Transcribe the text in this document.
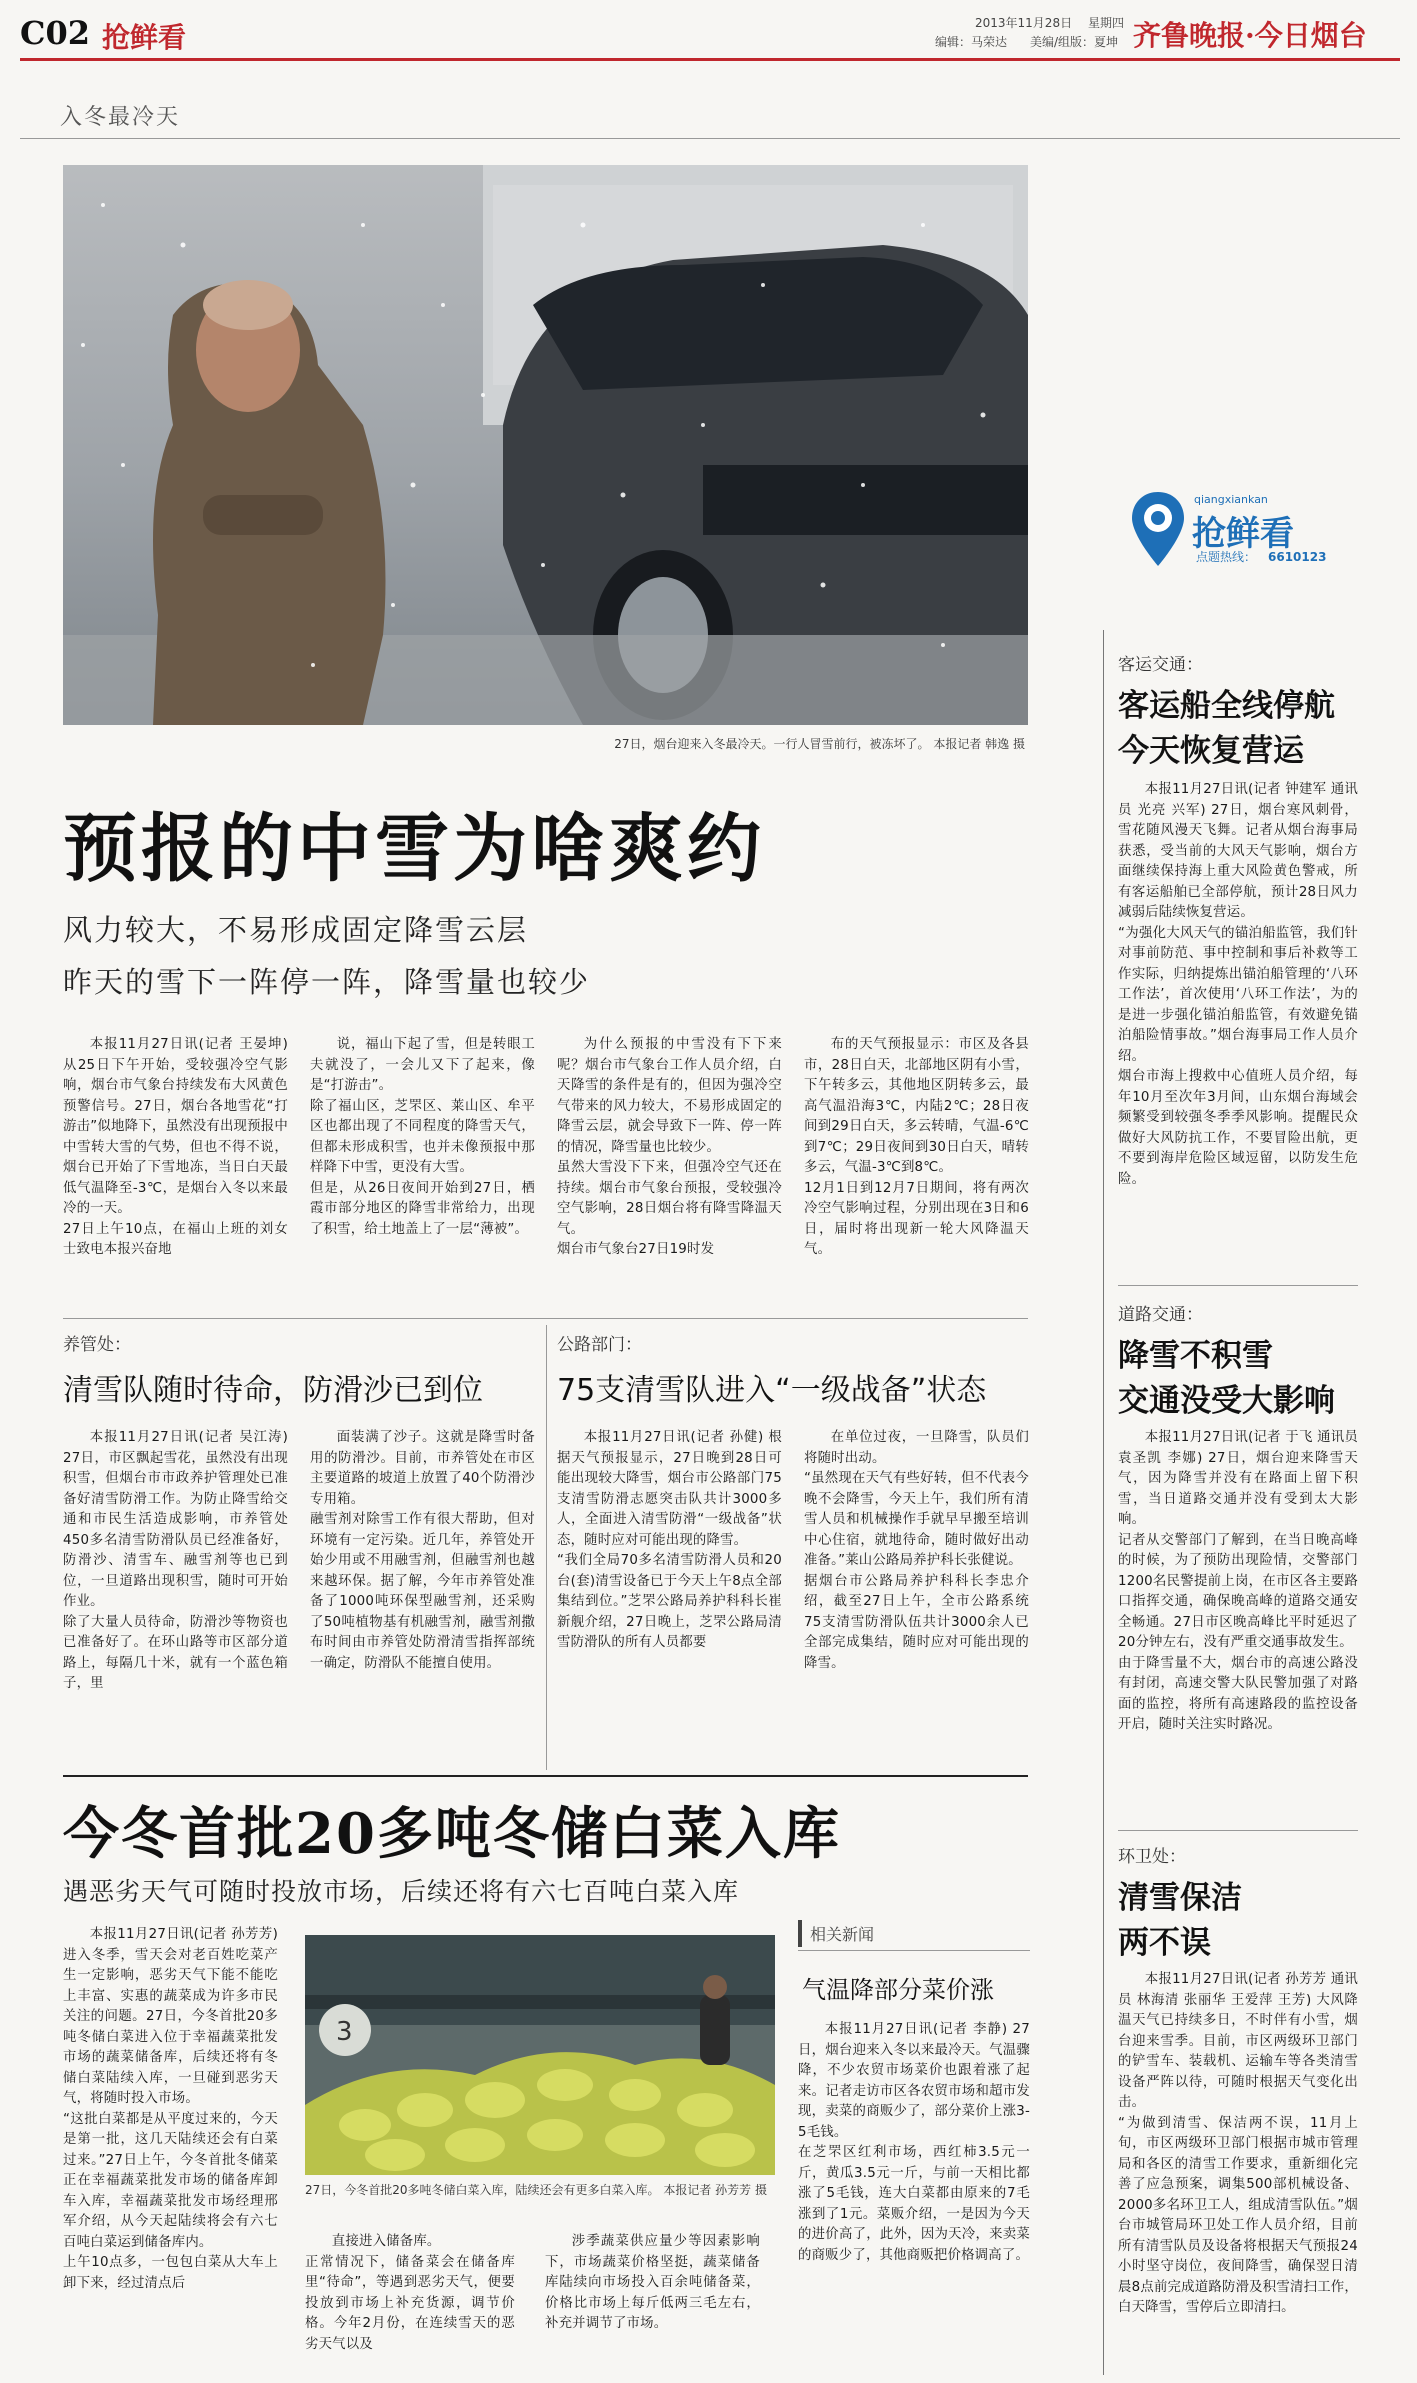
C02 抢鲜看	2013年11月28日 星期四
编辑：马荣达 美编/组版：夏坤 齐鲁晚报·今日烟台
入冬最冷天
27日，烟台迎来入冬最冷天。一行人冒雪前行，被冻坏了。 本报记者 韩逸 摄
qiangxiankan
抢鲜看
点题热线： 6610123
预报的中雪为啥爽约
风力较大，不易形成固定降雪云层
昨天的雪下一阵停一阵，降雪量也较少

本报11月27日讯(记者 王晏坤) 从25日下午开始，受较强冷空气影响，烟台市气象台持续发布大风黄色预警信号。27日，烟台各地雪花“打游击”似地降下，虽然没有出现预报中中雪转大雪的气势，但也不得不说，烟台已开始了下雪地冻，当日白天最低气温降至-3℃，是烟台入冬以来最冷的一天。
27日上午10点，在福山上班的刘女士致电本报兴奋地

说，福山下起了雪，但是转眼工夫就没了，一会儿又下了起来，像是“打游击”。
除了福山区，芝罘区、莱山区、牟平区也都出现了不同程度的降雪天气，但都未形成积雪，也并未像预报中那样降下中雪，更没有大雪。
但是，从26日夜间开始到27日，栖霞市部分地区的降雪非常给力，出现了积雪，给土地盖上了一层“薄被”。

为什么预报的中雪没有下下来呢？烟台市气象台工作人员介绍，白天降雪的条件是有的，但因为强冷空气带来的风力较大，不易形成固定的降雪云层，就会导致下一阵、停一阵的情况，降雪量也比较少。
虽然大雪没下下来，但强冷空气还在持续。烟台市气象台预报，受较强冷空气影响，28日烟台将有降雪降温天气。
烟台市气象台27日19时发

布的天气预报显示：市区及各县市，28日白天，北部地区阴有小雪，下午转多云，其他地区阴转多云，最高气温沿海3℃，内陆2℃；28日夜间到29日白天，多云转晴，气温-6℃到7℃；29日夜间到30日白天，晴转多云，气温-3℃到8℃。
12月1日到12月7日期间，将有两次冷空气影响过程，分别出现在3日和6日，届时将出现新一轮大风降温天气。

养管处：
清雪队随时待命，防滑沙已到位

本报11月27日讯(记者 吴江涛) 27日，市区飘起雪花，虽然没有出现积雪，但烟台市市政养护管理处已准备好清雪防滑工作。为防止降雪给交通和市民生活造成影响，市养管处450多名清雪防滑队员已经准备好，防滑沙、清雪车、融雪剂等也已到位，一旦道路出现积雪，随时可开始作业。
除了大量人员待命，防滑沙等物资也已准备好了。在环山路等市区部分道路上，每隔几十米，就有一个蓝色箱子，里

面装满了沙子。这就是降雪时备用的防滑沙。目前，市养管处在市区主要道路的坡道上放置了40个防滑沙专用箱。
融雪剂对除雪工作有很大帮助，但对环境有一定污染。近几年，养管处开始少用或不用融雪剂，但融雪剂也越来越环保。据了解，今年市养管处准备了1000吨环保型融雪剂，还采购了50吨植物基有机融雪剂，融雪剂撒布时间由市养管处防滑清雪指挥部统一确定，防滑队不能擅自使用。

公路部门：
75支清雪队进入“一级战备”状态

本报11月27日讯(记者 孙健) 根据天气预报显示，27日晚到28日可能出现较大降雪，烟台市公路部门75支清雪防滑志愿突击队共计3000多人，全面进入清雪防滑“一级战备”状态，随时应对可能出现的降雪。
“我们全局70多名清雪防滑人员和20台(套)清雪设备已于今天上午8点全部集结到位。”芝罘公路局养护科科长崔新舰介绍，27日晚上，芝罘公路局清雪防滑队的所有人员都要

在单位过夜，一旦降雪，队员们将随时出动。
“虽然现在天气有些好转，但不代表今晚不会降雪，今天上午，我们所有清雪人员和机械操作手就早早搬至培训中心住宿，就地待命，随时做好出动准备。”莱山公路局养护科长张健说。
据烟台市公路局养护科科长李忠介绍，截至27日上午，全市公路系统75支清雪防滑队伍共计3000余人已全部完成集结，随时应对可能出现的降雪。

客运交通：
客运船全线停航
今天恢复营运

本报11月27日讯(记者 钟建军 通讯员 光亮 兴军) 27日，烟台寒风刺骨，雪花随风漫天飞舞。记者从烟台海事局获悉，受当前的大风天气影响，烟台方面继续保持海上重大风险黄色警戒，所有客运船舶已全部停航，预计28日风力减弱后陆续恢复营运。
“为强化大风天气的锚泊船监管，我们针对事前防范、事中控制和事后补救等工作实际，归纳提炼出锚泊船管理的‘八环工作法’，首次使用‘八环工作法’，为的是进一步强化锚泊船监管，有效避免锚泊船险情事故。”烟台海事局工作人员介绍。
烟台市海上搜救中心值班人员介绍，每年10月至次年3月间，山东烟台海域会频繁受到较强冬季季风影响。提醒民众做好大风防抗工作，不要冒险出航，更不要到海岸危险区域逗留，以防发生危险。

道路交通：
降雪不积雪
交通没受大影响

本报11月27日讯(记者 于飞 通讯员 袁圣凯 李娜) 27日，烟台迎来降雪天气，因为降雪并没有在路面上留下积雪，当日道路交通并没有受到太大影响。
记者从交警部门了解到，在当日晚高峰的时候，为了预防出现险情，交警部门1200名民警提前上岗，在市区各主要路口指挥交通，确保晚高峰的道路交通安全畅通。27日市区晚高峰比平时延迟了20分钟左右，没有严重交通事故发生。
由于降雪量不大，烟台市的高速公路没有封闭，高速交警大队民警加强了对路面的监控，将所有高速路段的监控设备开启，随时关注实时路况。

环卫处：
清雪保洁
两不误

本报11月27日讯(记者 孙芳芳 通讯员 林海清 张丽华 王爱萍 王芳) 大风降温天气已持续多日，不时伴有小雪，烟台迎来雪季。目前，市区两级环卫部门的铲雪车、装载机、运输车等各类清雪设备严阵以待，可随时根据天气变化出击。
“为做到清雪、保洁两不误，11月上旬，市区两级环卫部门根据市城市管理局和各区的清雪工作要求，重新细化完善了应急预案，调集500部机械设备、2000多名环卫工人，组成清雪队伍。”烟台市城管局环卫处工作人员介绍，目前所有清雪队员及设备将根据天气预报24小时坚守岗位，夜间降雪，确保翌日清晨8点前完成道路防滑及积雪清扫工作，白天降雪，雪停后立即清扫。

今冬首批20多吨冬储白菜入库
遇恶劣天气可随时投放市场，后续还将有六七百吨白菜入库

本报11月27日讯(记者 孙芳芳) 进入冬季，雪天会对老百姓吃菜产生一定影响，恶劣天气下能不能吃上丰富、实惠的蔬菜成为许多市民关注的问题。27日，今冬首批20多吨冬储白菜进入位于幸福蔬菜批发市场的蔬菜储备库，后续还将有冬储白菜陆续入库，一旦碰到恶劣天气，将随时投入市场。
“这批白菜都是从平度过来的，今天是第一批，这几天陆续还会有白菜过来。”27日上午，今冬首批冬储菜正在幸福蔬菜批发市场的储备库卸车入库，幸福蔬菜批发市场经理邢军介绍，从今天起陆续将会有六七百吨白菜运到储备库内。
上午10点多，一包包白菜从大车上卸下来，经过清点后

3
27日，今冬首批20多吨冬储白菜入库，陆续还会有更多白菜入库。 本报记者 孙芳芳 摄

直接进入储备库。
正常情况下，储备菜会在储备库里“待命”，等遇到恶劣天气，便要投放到市场上补充货源，调节价格。今年2月份，在连续雪天的恶劣天气以及

涉季蔬菜供应量少等因素影响下，市场蔬菜价格坚挺，蔬菜储备库陆续向市场投入百余吨储备菜，价格比市场上每斤低两三毛左右，补充并调节了市场。

相关新闻
气温降部分菜价涨

本报11月27日讯(记者 李静) 27日，烟台迎来入冬以来最冷天。气温骤降，不少农贸市场菜价也跟着涨了起来。记者走访市区各农贸市场和超市发现，卖菜的商贩少了，部分菜价上涨3-5毛钱。
在芝罘区红利市场，西红柿3.5元一斤，黄瓜3.5元一斤，与前一天相比都涨了5毛钱，连大白菜都由原来的7毛涨到了1元。菜贩介绍，一是因为今天的进价高了，此外，因为天冷，来卖菜的商贩少了，其他商贩把价格调高了。
